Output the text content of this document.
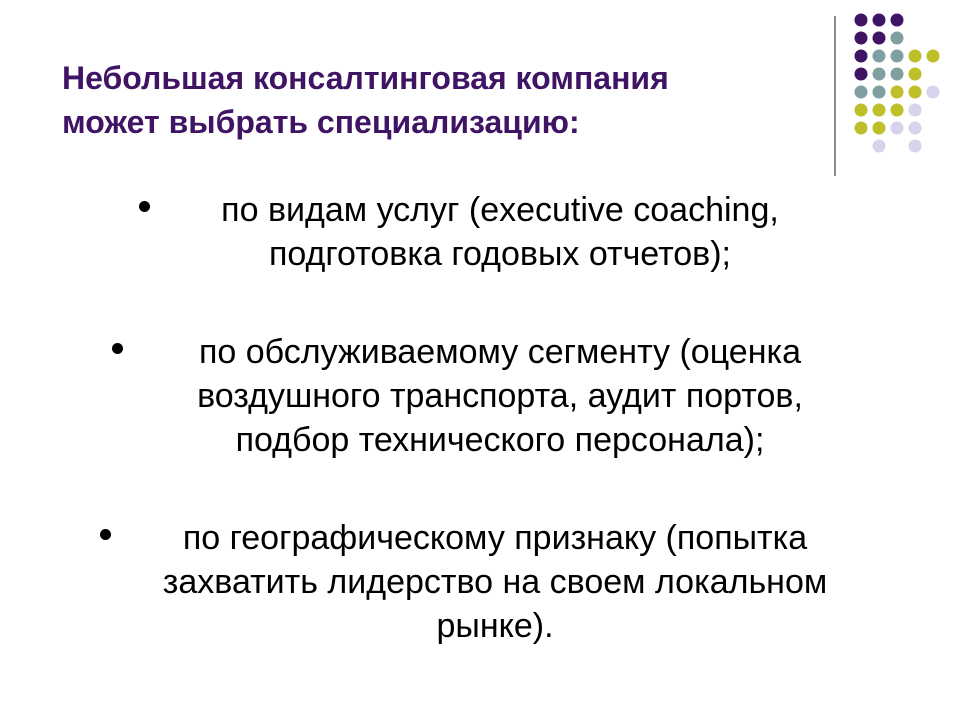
Небольшая консалтинговая компания
может выбрать специализацию:

по видам услуг (executive coaching,
подготовка годовых отчетов);

по обслуживаемому сегменту (оценка
воздушного транспорта, аудит портов,
подбор технического персонала);

по географическому признаку (попытка
захватить лидерство на своем локальном
рынке).
